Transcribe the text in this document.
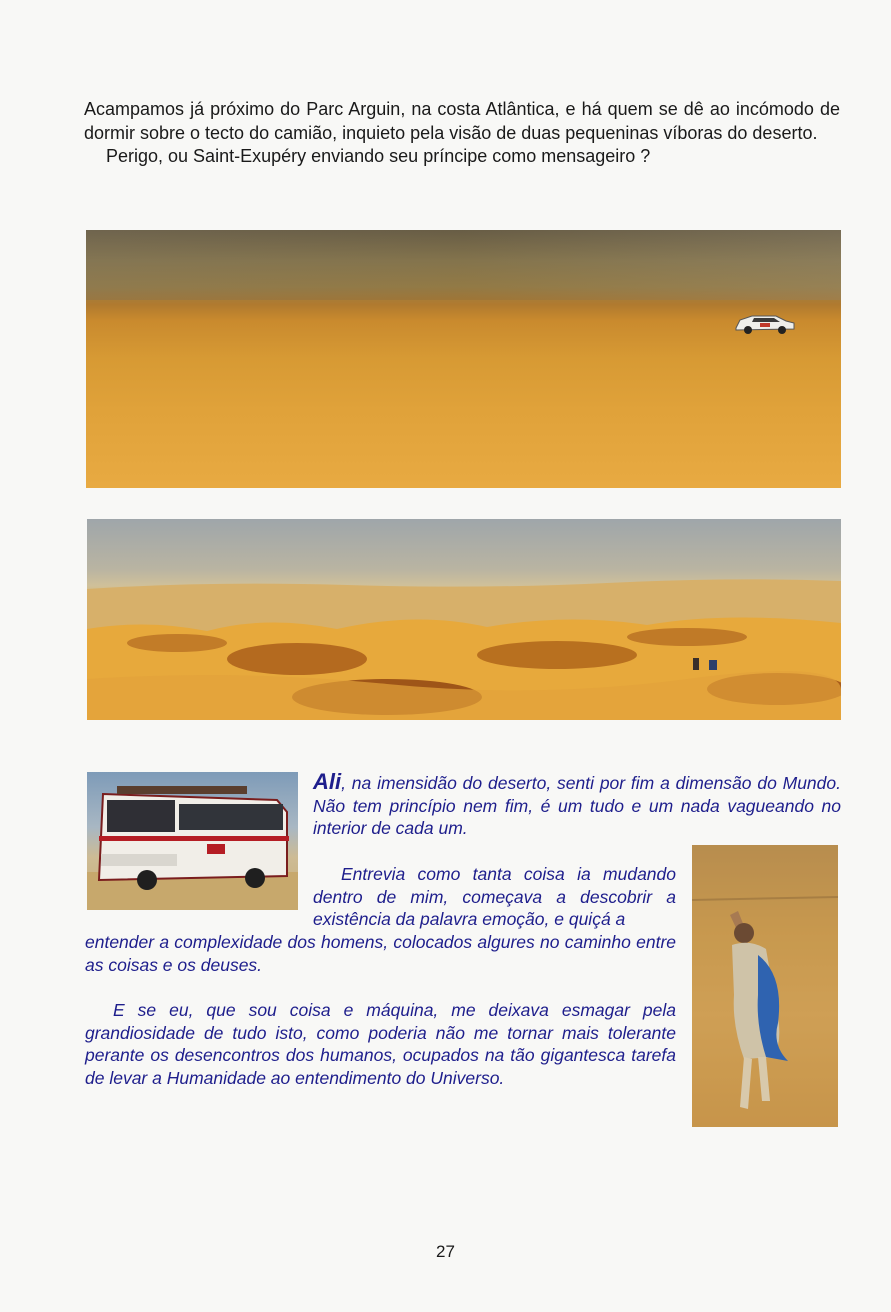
Acampamos já próximo do Parc Arguin, na costa Atlântica, e há quem se dê ao incómodo de dormir sobre o tecto do camião, inquieto pela visão de duas pequeninas víboras do deserto.

Perigo, ou Saint-Exupéry enviando seu príncipe como mensageiro ?

Ali, na imensidão do deserto, senti por fim a dimensão do Mundo. Não tem princípio nem fim, é um tudo e um nada vagueando no interior de cada um.

Entrevia como tanta coisa ia mudando dentro de mim, começava a descobrir a existência da palavra emoção, e quiçá a

entender a complexidade dos homens, colocados algures no caminho entre as coisas e os deuses.

E se eu, que sou coisa e máquina, me deixava esmagar pela grandiosidade de tudo isto, como poderia não me tornar mais tolerante perante os desencontros dos humanos, ocupados na tão gigantesca tarefa de levar a Humanidade ao entendimento do Universo.

27
